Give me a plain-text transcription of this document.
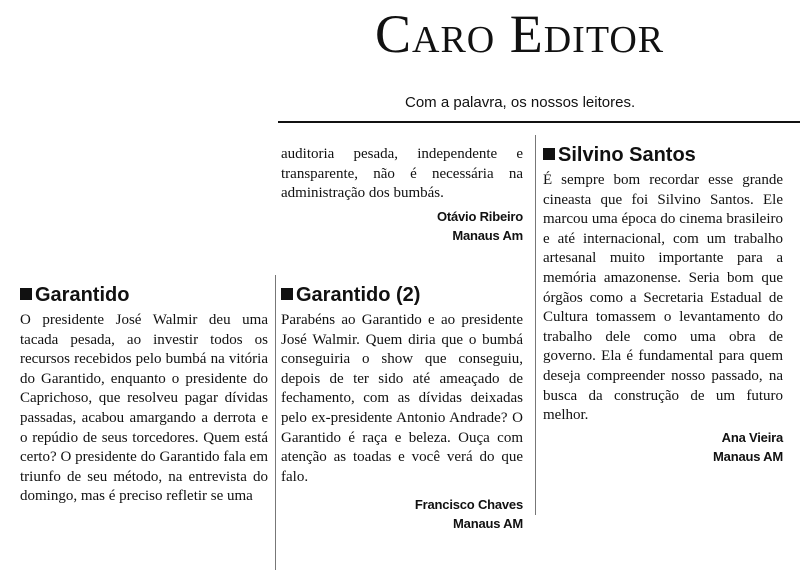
Caro Editor
Com a palavra, os nossos leitores.
Garantido

O presidente José Walmir deu uma tacada pesada, ao investir todos os recursos recebidos pelo bumbá na vitória do Garantido, enquanto o presidente do Caprichoso, que resolveu pagar dívidas passadas, acabou amargando a derrota e o repúdio de seus torcedores. Quem está certo? O presidente do Garantido fala em triunfo de seu método, na entrevista do domingo, mas é preciso refletir se uma

auditoria pesada, independente e transparente, não é necessária na administração dos bumbás.

Otávio Ribeiro

Manaus Am

Garantido (2)

Parabéns ao Garantido e ao presidente José Walmir. Quem diria que o bumbá conseguiria o show que conseguiu, depois de ter sido até ameaçado de fechamento, com as dívidas deixadas pelo ex-presidente Antonio Andrade? O Garantido é raça e beleza. Ouça com atenção as toadas e você verá do que falo.

Francisco Chaves

Manaus AM

Silvino Santos

É sempre bom recordar esse grande cineasta que foi Silvino Santos. Ele marcou uma época do cinema brasileiro e até internacional, com um trabalho artesanal muito importante para a memória amazonense. Seria bom que órgãos como a Secretaria Estadual de Cultura tomassem o levantamento do trabalho dele como uma obra de governo. Ela é fundamental para quem deseja compreender nosso passado, na busca da construção de um futuro melhor.

Ana Vieira

Manaus AM
